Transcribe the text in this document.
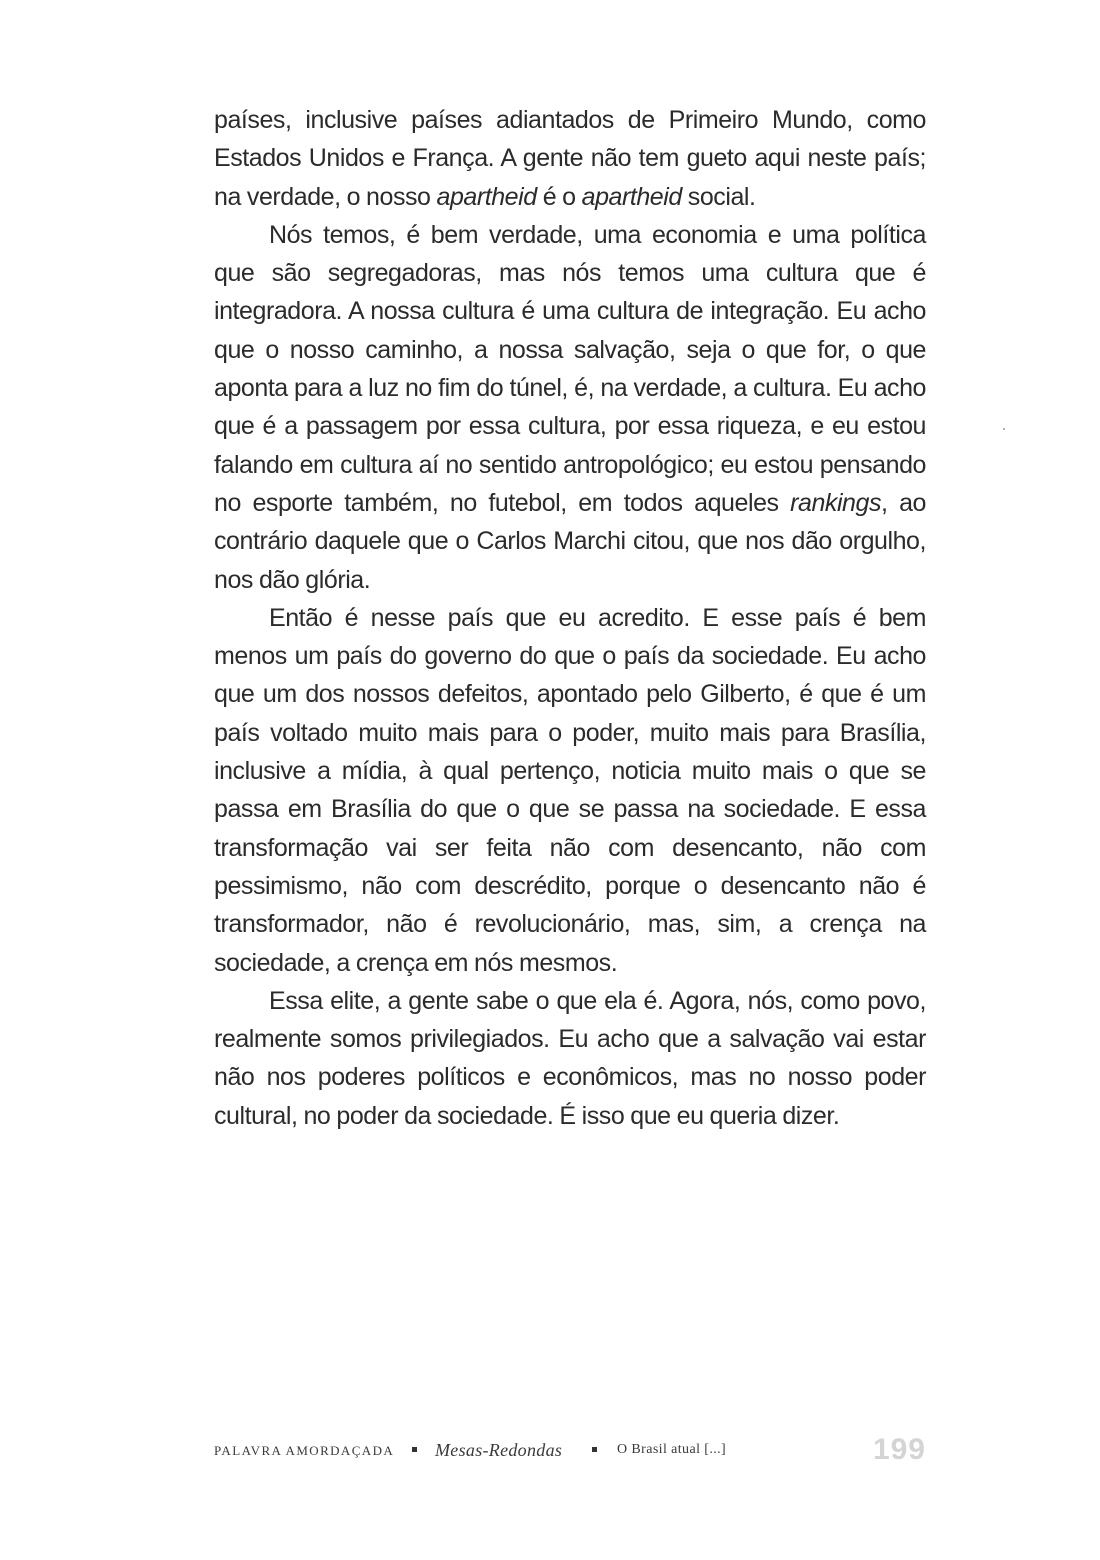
países, inclusive países adiantados de Primeiro Mundo, como Estados Unidos e França. A gente não tem gueto aqui neste país; na verdade, o nosso apartheid é o apartheid social.

Nós temos, é bem verdade, uma economia e uma política que são segregadoras, mas nós temos uma cultura que é integradora. A nossa cultura é uma cultura de integração. Eu acho que o nosso caminho, a nossa salvação, seja o que for, o que aponta para a luz no fim do túnel, é, na verdade, a cultura. Eu acho que é a passagem por essa cultura, por essa riqueza, e eu estou falando em cultura aí no sentido antropológico; eu estou pensando no esporte também, no futebol, em todos aqueles rankings, ao contrário daquele que o Carlos Marchi citou, que nos dão orgulho, nos dão glória.

Então é nesse país que eu acredito. E esse país é bem menos um país do governo do que o país da sociedade. Eu acho que um dos nossos defeitos, apontado pelo Gilberto, é que é um país voltado muito mais para o poder, muito mais para Brasília, inclusive a mídia, à qual pertenço, noticia muito mais o que se passa em Brasília do que o que se passa na sociedade. E essa transformação vai ser feita não com desencanto, não com pessimismo, não com descrédito, porque o desencanto não é transformador, não é revolucionário, mas, sim, a crença na sociedade, a crença em nós mesmos.

Essa elite, a gente sabe o que ela é. Agora, nós, como povo, realmente somos privilegiados. Eu acho que a salvação vai estar não nos poderes políticos e econômicos, mas no nosso poder cultural, no poder da sociedade. É isso que eu queria dizer.

PALAVRA AMORDAÇADA Mesas-Redondas	O Brasil atual [...]	199
